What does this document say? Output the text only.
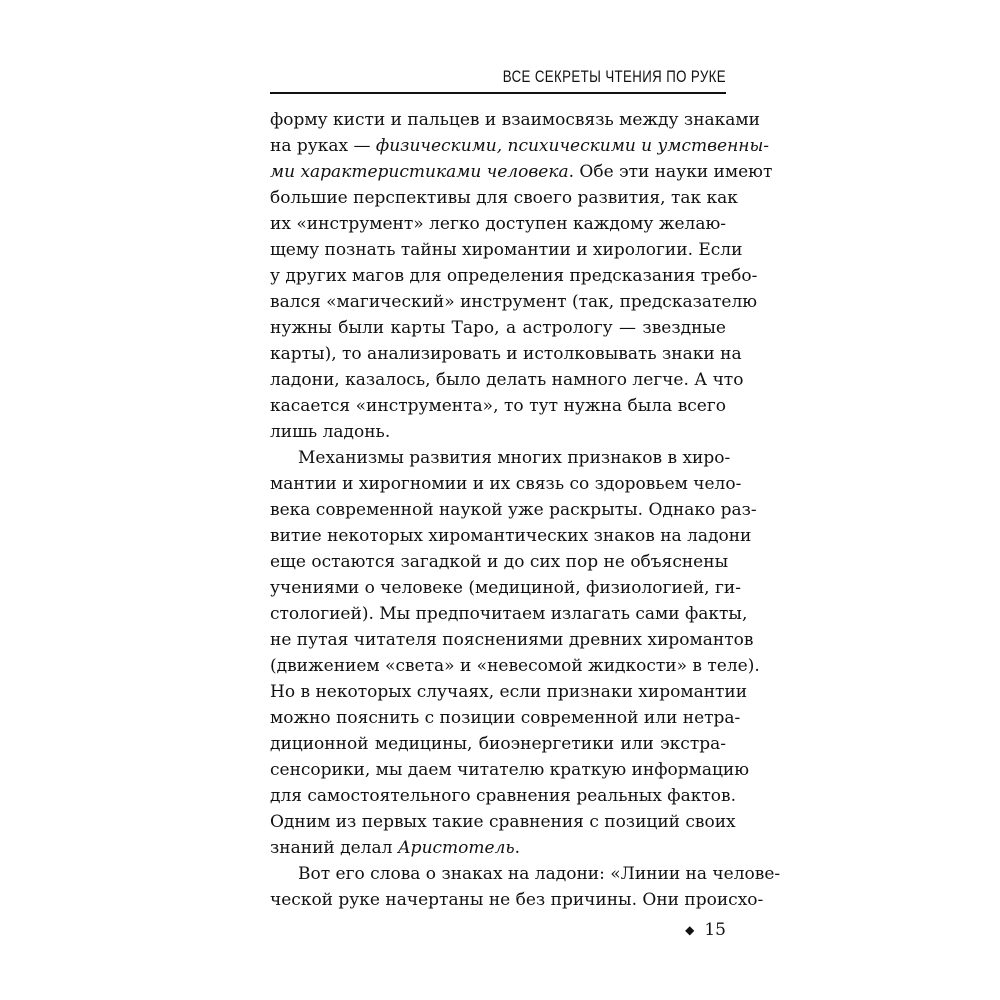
ВСЕ СЕКРЕТЫ ЧТЕНИЯ ПО РУКЕ
форму кисти и пальцев и взаимосвязь между знаками
на руках — физическими, психическими и умственны-
ми характеристиками человека. Обе эти науки имеют
большие перспективы для своего развития, так как
их «инструмент» легко доступен каждому желаю-
щему познать тайны хиромантии и хирологии. Если
у других магов для определения предсказания требо-
вался «магический» инструмент (так, предсказателю
нужны были карты Таро, а астрологу — звездные
карты), то анализировать и истолковывать знаки на
ладони, казалось, было делать намного легче. А что
касается «инструмента», то тут нужна была всего
лишь ладонь.
Механизмы развития многих признаков в хиро-
мантии и хирогномии и их связь со здоровьем чело-
века современной наукой уже раскрыты. Однако раз-
витие некоторых хиромантических знаков на ладони
еще остаются загадкой и до сих пор не объяснены
учениями о человеке (медициной, физиологией, ги-
стологией). Мы предпочитаем излагать сами факты,
не путая читателя пояснениями древних хиромантов
(движением «света» и «невесомой жидкости» в теле).
Но в некоторых случаях, если признаки хиромантии
можно пояснить с позиции современной или нетра-
диционной медицины, биоэнергетики или экстра-
сенсорики, мы даем читателю краткую информацию
для самостоятельного сравнения реальных фактов.
Одним из первых такие сравнения с позиций своих
знаний делал Аристотель.
Вот его слова о знаках на ладони: «Линии на челове-
ческой руке начертаны не без причины. Они происхо-
◆ 15
